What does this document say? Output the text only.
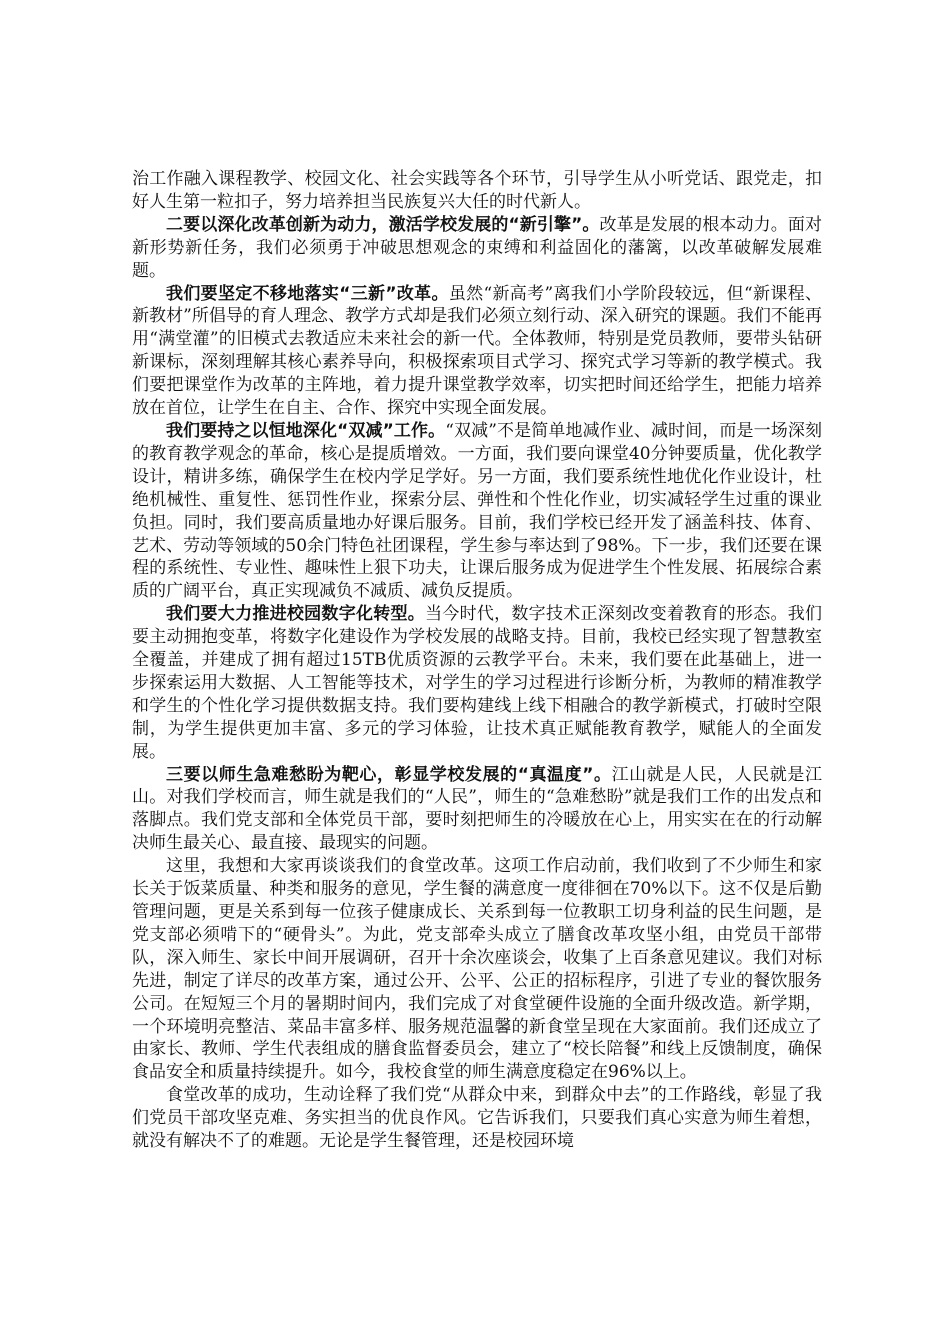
治工作融入课程教学、校园文化、社会实践等各个环节，引导学生从小听党话、跟党走，扣好人生第一粒扣子，努力培养担当民族复兴大任的时代新人。

二要以深化改革创新为动力，激活学校发展的“新引擎”。改革是发展的根本动力。面对新形势新任务，我们必须勇于冲破思想观念的束缚和利益固化的藩篱，以改革破解发展难题。

我们要坚定不移地落实“三新”改革。虽然“新高考”离我们小学阶段较远，但“新课程、新教材”所倡导的育人理念、教学方式却是我们必须立刻行动、深入研究的课题。我们不能再用“满堂灌”的旧模式去教适应未来社会的新一代。全体教师，特别是党员教师，要带头钻研新课标，深刻理解其核心素养导向，积极探索项目式学习、探究式学习等新的教学模式。我们要把课堂作为改革的主阵地，着力提升课堂教学效率，切实把时间还给学生，把能力培养放在首位，让学生在自主、合作、探究中实现全面发展。

我们要持之以恒地深化“双减”工作。“双减”不是简单地减作业、减时间，而是一场深刻的教育教学观念的革命，核心是提质增效。一方面，我们要向课堂40分钟要质量，优化教学设计，精讲多练，确保学生在校内学足学好。另一方面，我们要系统性地优化作业设计，杜绝机械性、重复性、惩罚性作业，探索分层、弹性和个性化作业，切实减轻学生过重的课业负担。同时，我们要高质量地办好课后服务。目前，我们学校已经开发了涵盖科技、体育、艺术、劳动等领域的50余门特色社团课程，学生参与率达到了98%。下一步，我们还要在课程的系统性、专业性、趣味性上狠下功夫，让课后服务成为促进学生个性发展、拓展综合素质的广阔平台，真正实现减负不减质、减负反提质。

我们要大力推进校园数字化转型。当今时代，数字技术正深刻改变着教育的形态。我们要主动拥抱变革，将数字化建设作为学校发展的战略支持。目前，我校已经实现了智慧教室全覆盖，并建成了拥有超过15TB优质资源的云教学平台。未来，我们要在此基础上，进一步探索运用大数据、人工智能等技术，对学生的学习过程进行诊断分析，为教师的精准教学和学生的个性化学习提供数据支持。我们要构建线上线下相融合的教学新模式，打破时空限制，为学生提供更加丰富、多元的学习体验，让技术真正赋能教育教学，赋能人的全面发展。

三要以师生急难愁盼为靶心，彰显学校发展的“真温度”。江山就是人民，人民就是江山。对我们学校而言，师生就是我们的“人民”，师生的“急难愁盼”就是我们工作的出发点和落脚点。我们党支部和全体党员干部，要时刻把师生的冷暖放在心上，用实实在在的行动解决师生最关心、最直接、最现实的问题。

这里，我想和大家再谈谈我们的食堂改革。这项工作启动前，我们收到了不少师生和家长关于饭菜质量、种类和服务的意见，学生餐的满意度一度徘徊在70%以下。这不仅是后勤管理问题，更是关系到每一位孩子健康成长、关系到每一位教职工切身利益的民生问题，是党支部必须啃下的“硬骨头”。为此，党支部牵头成立了膳食改革攻坚小组，由党员干部带队，深入师生、家长中间开展调研，召开十余次座谈会，收集了上百条意见建议。我们对标先进，制定了详尽的改革方案，通过公开、公平、公正的招标程序，引进了专业的餐饮服务公司。在短短三个月的暑期时间内，我们完成了对食堂硬件设施的全面升级改造。新学期，一个环境明亮整洁、菜品丰富多样、服务规范温馨的新食堂呈现在大家面前。我们还成立了由家长、教师、学生代表组成的膳食监督委员会，建立了“校长陪餐”和线上反馈制度，确保食品安全和质量持续提升。如今，我校食堂的师生满意度稳定在96%以上。

食堂改革的成功，生动诠释了我们党“从群众中来，到群众中去”的工作路线，彰显了我们党员干部攻坚克难、务实担当的优良作风。它告诉我们，只要我们真心实意为师生着想，就没有解决不了的难题。无论是学生餐管理，还是校园环境
